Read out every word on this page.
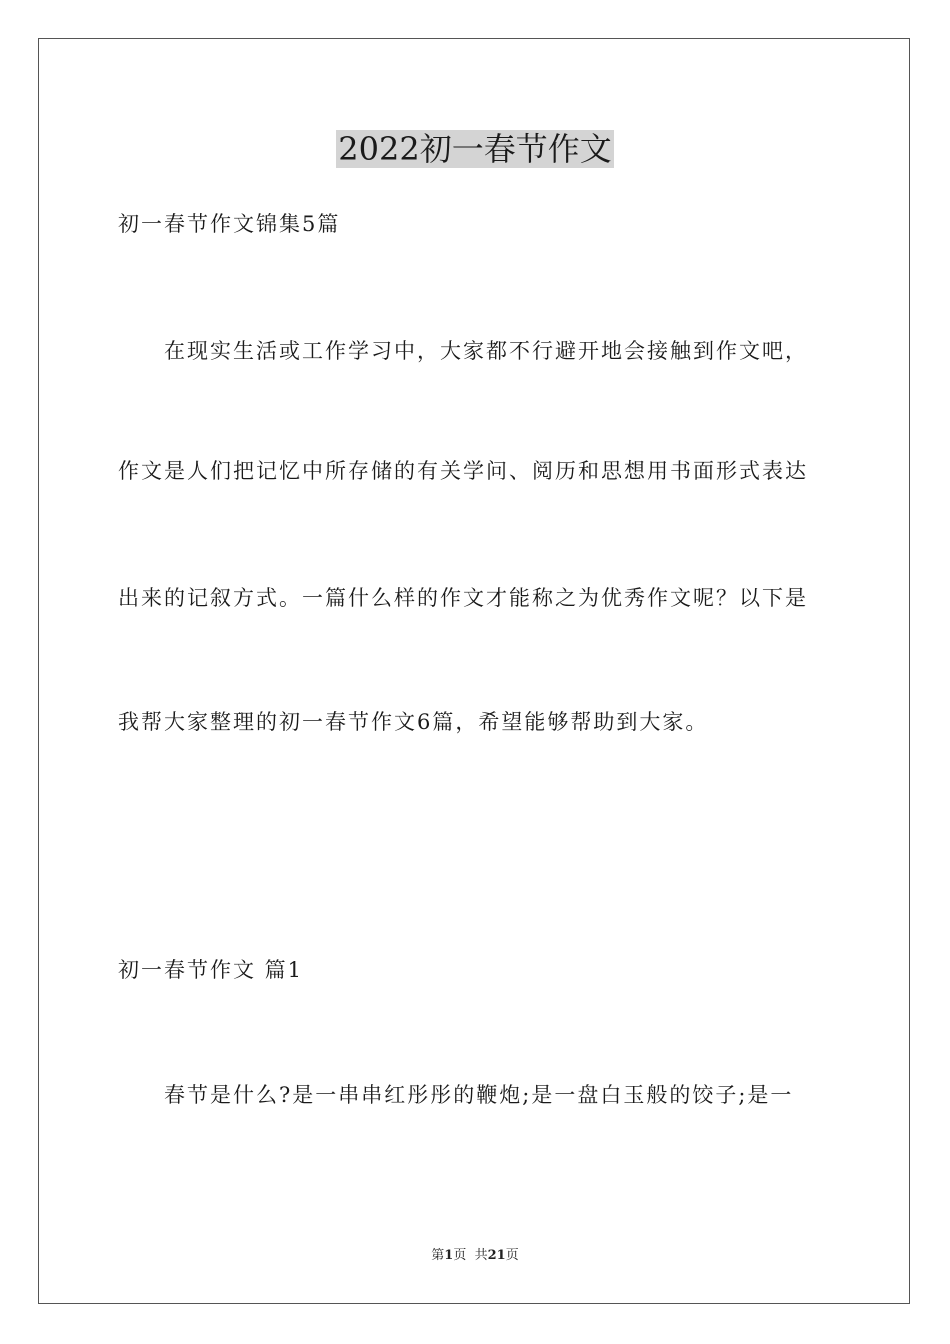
2022初一春节作文
初一春节作文锦集5篇
在现实生活或工作学习中，大家都不行避开地会接触到作文吧，
作文是人们把记忆中所存储的有关学问、阅历和思想用书面形式表达
出来的记叙方式。一篇什么样的作文才能称之为优秀作文呢？以下是
我帮大家整理的初一春节作文6篇，希望能够帮助到大家。
初一春节作文 篇1
春节是什么?是一串串红彤彤的鞭炮;是一盘白玉般的饺子;是一
第1页  共21页
